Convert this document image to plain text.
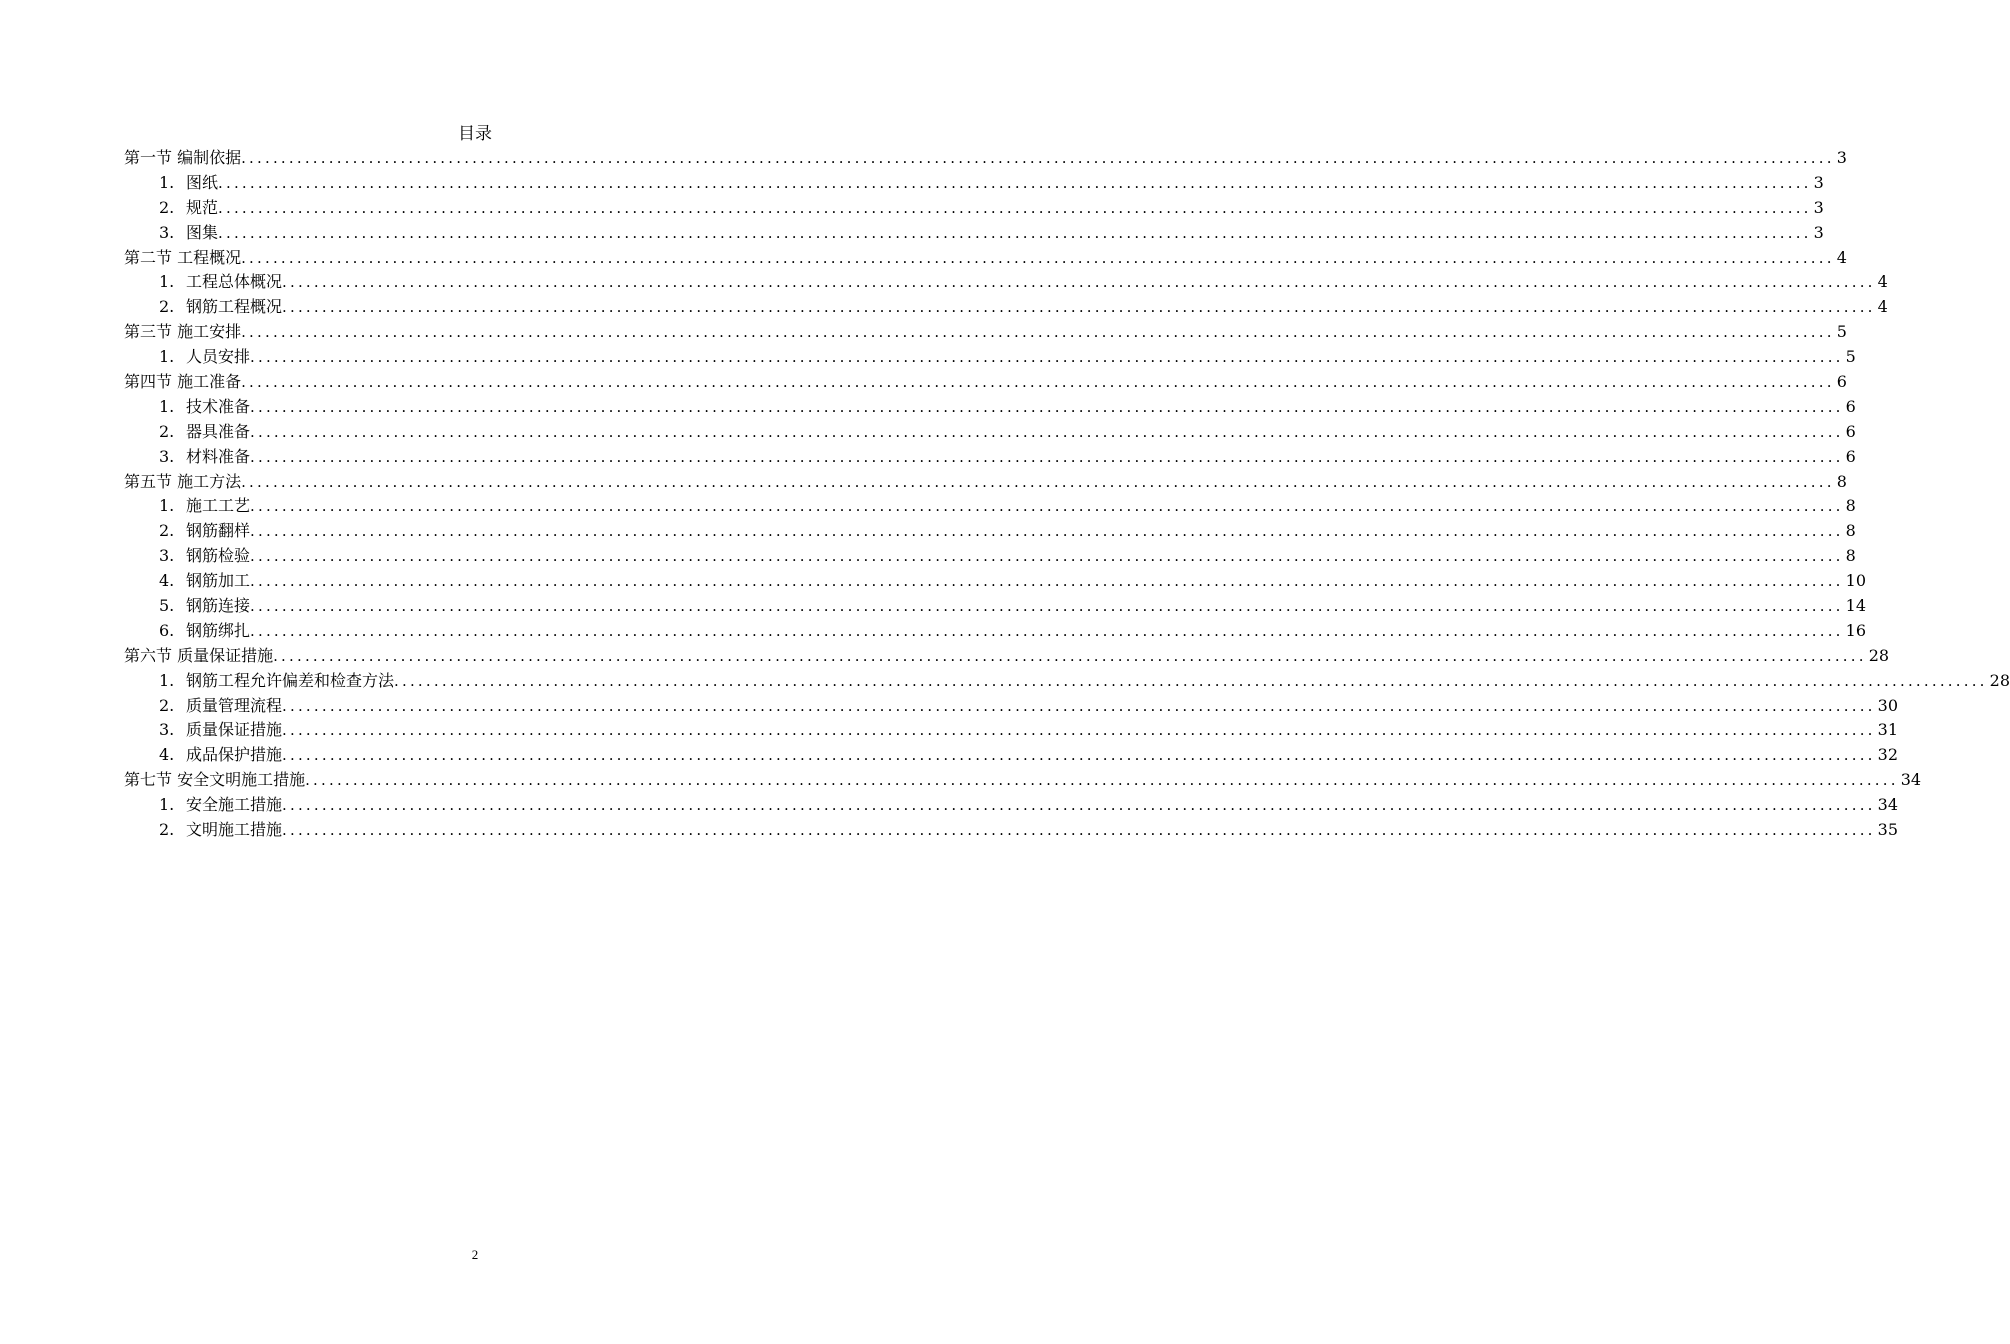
目录
第一节 编制依据 ........................................................................................................................................................................................................ 3
1. 图纸 ........................................................................................................................................................................................................ 3
2. 规范 ........................................................................................................................................................................................................ 3
3. 图集 ........................................................................................................................................................................................................ 3
第二节 工程概况 ........................................................................................................................................................................................................ 4
1. 工程总体概况 ........................................................................................................................................................................................................ 4
2. 钢筋工程概况 ........................................................................................................................................................................................................ 4
第三节 施工安排 ........................................................................................................................................................................................................ 5
1. 人员安排 ........................................................................................................................................................................................................ 5
第四节 施工准备 ........................................................................................................................................................................................................ 6
1. 技术准备 ........................................................................................................................................................................................................ 6
2. 器具准备 ........................................................................................................................................................................................................ 6
3. 材料准备 ........................................................................................................................................................................................................ 6
第五节 施工方法 ........................................................................................................................................................................................................ 8
1. 施工工艺 ........................................................................................................................................................................................................ 8
2. 钢筋翻样 ........................................................................................................................................................................................................ 8
3. 钢筋检验 ........................................................................................................................................................................................................ 8
4. 钢筋加工 ........................................................................................................................................................................................................ 10
5. 钢筋连接 ........................................................................................................................................................................................................ 14
6. 钢筋绑扎 ........................................................................................................................................................................................................ 16
第六节 质量保证措施 ........................................................................................................................................................................................................ 28
1. 钢筋工程允许偏差和检查方法 ........................................................................................................................................................................................................ 28
2. 质量管理流程 ........................................................................................................................................................................................................ 30
3. 质量保证措施 ........................................................................................................................................................................................................ 31
4. 成品保护措施 ........................................................................................................................................................................................................ 32
第七节 安全文明施工措施 ........................................................................................................................................................................................................ 34
1. 安全施工措施 ........................................................................................................................................................................................................ 34
2. 文明施工措施 ........................................................................................................................................................................................................ 35
2
